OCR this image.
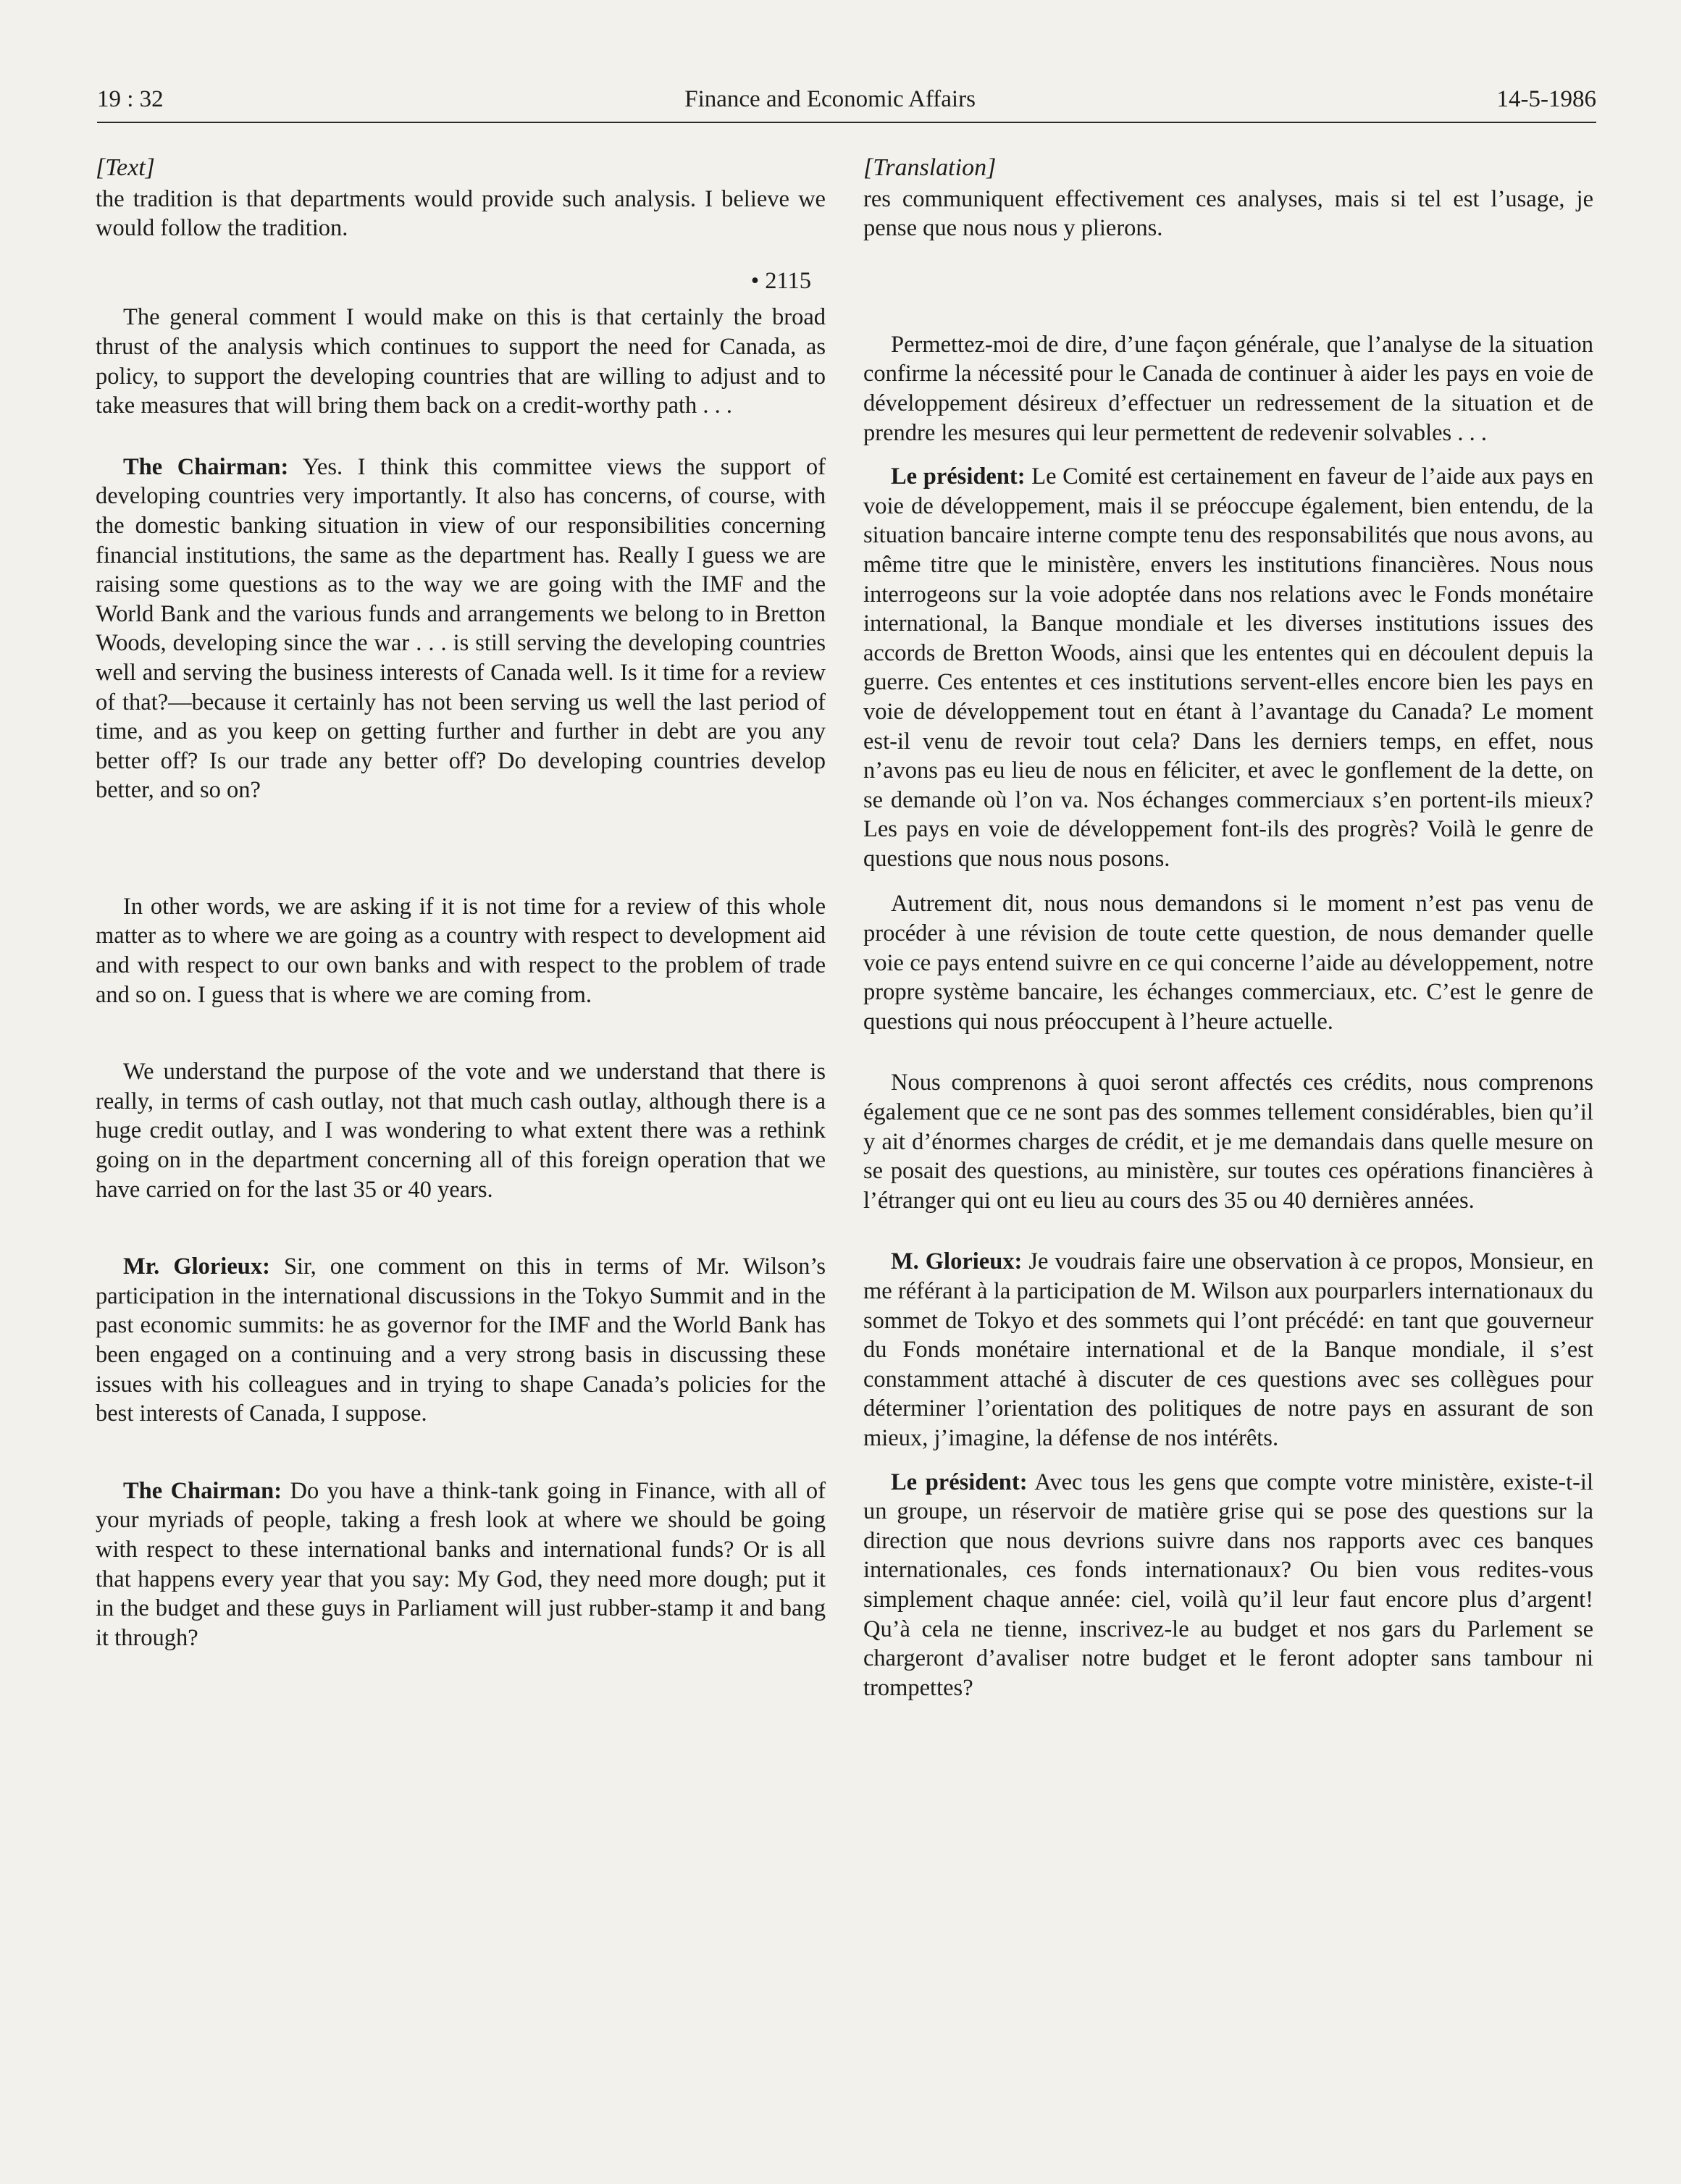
19 : 32	Finance and Economic Affairs	14-5-1986
[Text]

the tradition is that departments would provide such analysis. I believe we would follow the tradition.

• 2115

The general comment I would make on this is that certainly the broad thrust of the analysis which continues to support the need for Canada, as policy, to support the developing countries that are willing to adjust and to take measures that will bring them back on a credit-worthy path . . .

The Chairman: Yes. I think this committee views the support of developing countries very importantly. It also has concerns, of course, with the domestic banking situation in view of our responsibilities concerning financial institutions, the same as the department has. Really I guess we are raising some questions as to the way we are going with the IMF and the World Bank and the various funds and arrangements we belong to in Bretton Woods, developing since the war . . . is still serving the developing countries well and serving the business interests of Canada well. Is it time for a review of that?—because it certainly has not been serving us well the last period of time, and as you keep on getting further and further in debt are you any better off? Is our trade any better off? Do developing countries develop better, and so on?

In other words, we are asking if it is not time for a review of this whole matter as to where we are going as a country with respect to development aid and with respect to our own banks and with respect to the problem of trade and so on. I guess that is where we are coming from.

We understand the purpose of the vote and we understand that there is really, in terms of cash outlay, not that much cash outlay, although there is a huge credit outlay, and I was wondering to what extent there was a rethink going on in the department concerning all of this foreign operation that we have carried on for the last 35 or 40 years.

Mr. Glorieux: Sir, one comment on this in terms of Mr. Wilson’s participation in the international discussions in the Tokyo Summit and in the past economic summits: he as governor for the IMF and the World Bank has been engaged on a continuing and a very strong basis in discussing these issues with his colleagues and in trying to shape Canada’s policies for the best interests of Canada, I suppose.

The Chairman: Do you have a think-tank going in Finance, with all of your myriads of people, taking a fresh look at where we should be going with respect to these international banks and international funds? Or is all that happens every year that you say: My God, they need more dough; put it in the budget and these guys in Parliament will just rubber-stamp it and bang it through?

[Translation]

res communiquent effectivement ces analyses, mais si tel est l’usage, je pense que nous nous y plierons.

Permettez-moi de dire, d’une façon générale, que l’analyse de la situation confirme la nécessité pour le Canada de continuer à aider les pays en voie de développement désireux d’effectuer un redressement de la situation et de prendre les mesures qui leur permettent de redevenir solvables . . .

Le président: Le Comité est certainement en faveur de l’aide aux pays en voie de développement, mais il se préoccupe également, bien entendu, de la situation bancaire interne compte tenu des responsabilités que nous avons, au même titre que le ministère, envers les institutions financières. Nous nous interrogeons sur la voie adoptée dans nos relations avec le Fonds monétaire international, la Banque mondiale et les diverses institutions issues des accords de Bretton Woods, ainsi que les ententes qui en découlent depuis la guerre. Ces ententes et ces institutions servent-elles encore bien les pays en voie de développement tout en étant à l’avantage du Canada? Le moment est-il venu de revoir tout cela? Dans les derniers temps, en effet, nous n’avons pas eu lieu de nous en féliciter, et avec le gonflement de la dette, on se demande où l’on va. Nos échanges commerciaux s’en portent-ils mieux? Les pays en voie de développement font-ils des progrès? Voilà le genre de questions que nous nous posons.

Autrement dit, nous nous demandons si le moment n’est pas venu de procéder à une révision de toute cette question, de nous demander quelle voie ce pays entend suivre en ce qui concerne l’aide au développement, notre propre système bancaire, les échanges commerciaux, etc. C’est le genre de questions qui nous préoccupent à l’heure actuelle.

Nous comprenons à quoi seront affectés ces crédits, nous comprenons également que ce ne sont pas des sommes tellement considérables, bien qu’il y ait d’énormes charges de crédit, et je me demandais dans quelle mesure on se posait des questions, au ministère, sur toutes ces opérations financières à l’étranger qui ont eu lieu au cours des 35 ou 40 dernières années.

M. Glorieux: Je voudrais faire une observation à ce propos, Monsieur, en me référant à la participation de M. Wilson aux pourparlers internationaux du sommet de Tokyo et des sommets qui l’ont précédé: en tant que gouverneur du Fonds monétaire international et de la Banque mondiale, il s’est constamment attaché à discuter de ces questions avec ses collègues pour déterminer l’orientation des politiques de notre pays en assurant de son mieux, j’imagine, la défense de nos intérêts.

Le président: Avec tous les gens que compte votre ministère, existe-t-il un groupe, un réservoir de matière grise qui se pose des questions sur la direction que nous devrions suivre dans nos rapports avec ces banques internationales, ces fonds internationaux? Ou bien vous redites-vous simplement chaque année: ciel, voilà qu’il leur faut encore plus d’argent! Qu’à cela ne tienne, inscrivez-le au budget et nos gars du Parlement se chargeront d’avaliser notre budget et le feront adopter sans tambour ni trompettes?
